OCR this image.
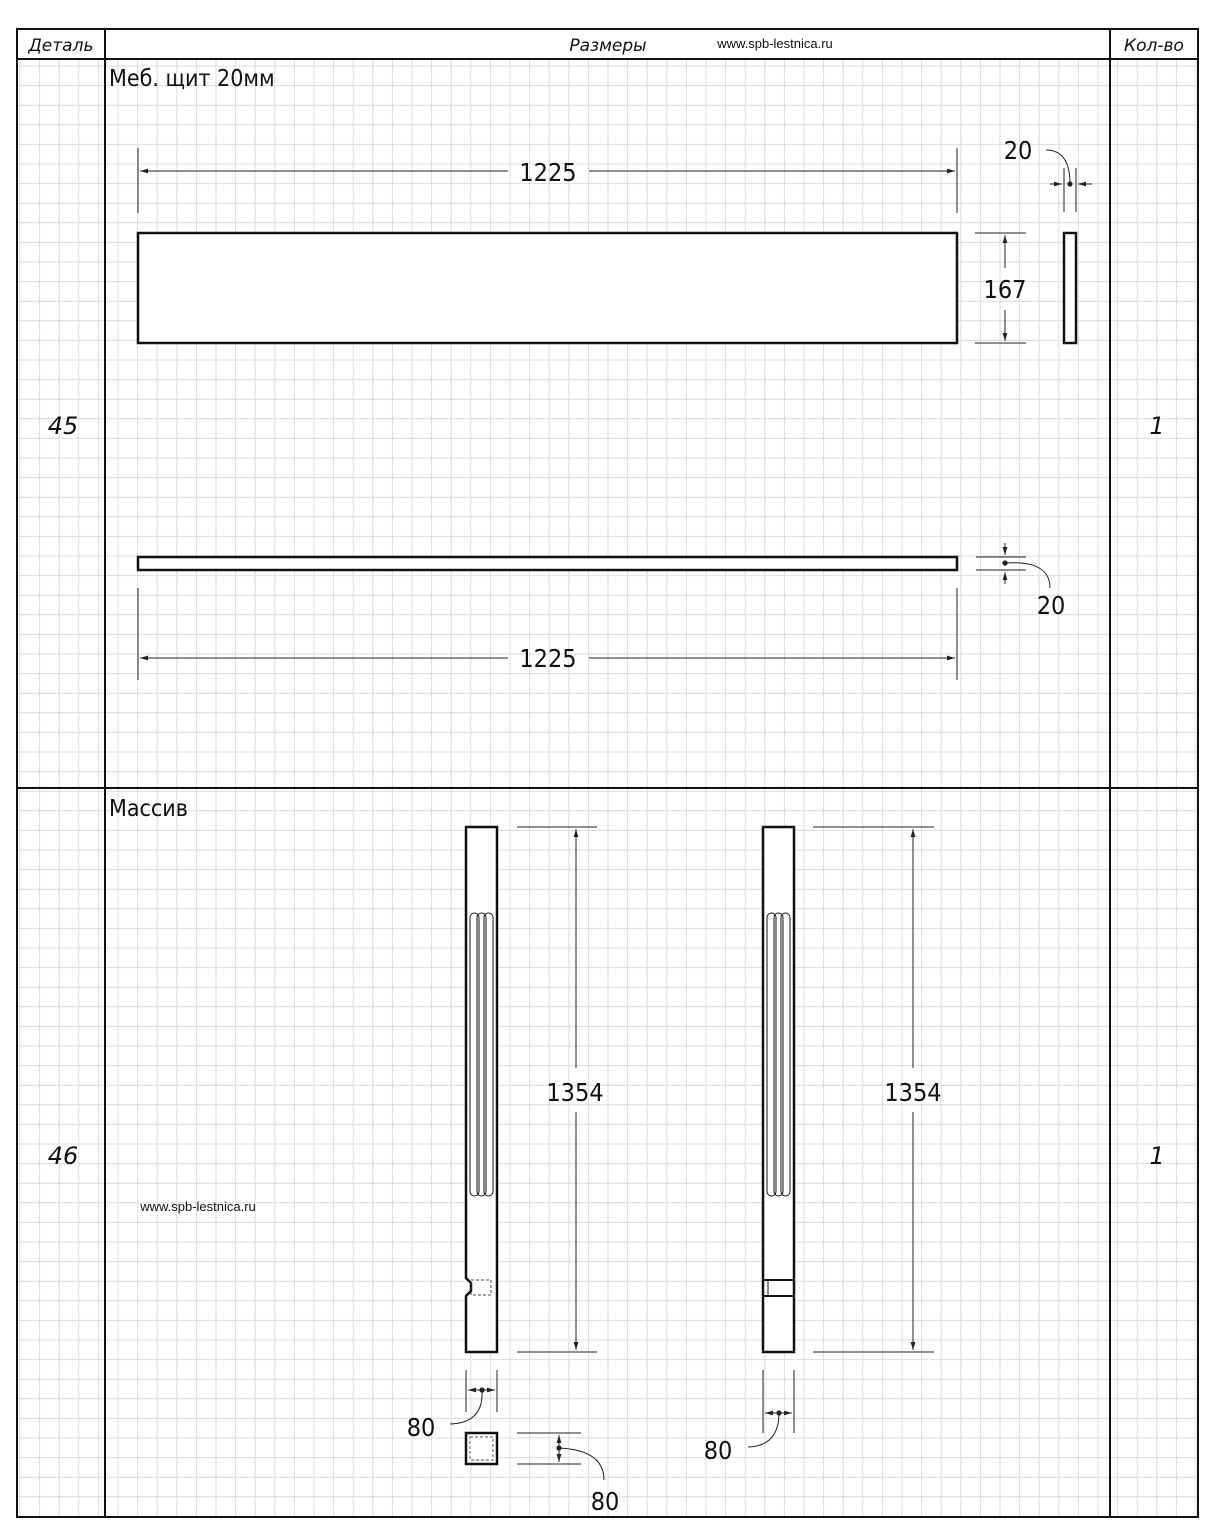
Деталь	Размеры	www.spb-lestnica.ru	Кол-во
45	1
Меб. щит 20мм
1225
167
20
20
1225
46	1
Массив
www.spb-lestnica.ru
1354	1354
80
80
80
